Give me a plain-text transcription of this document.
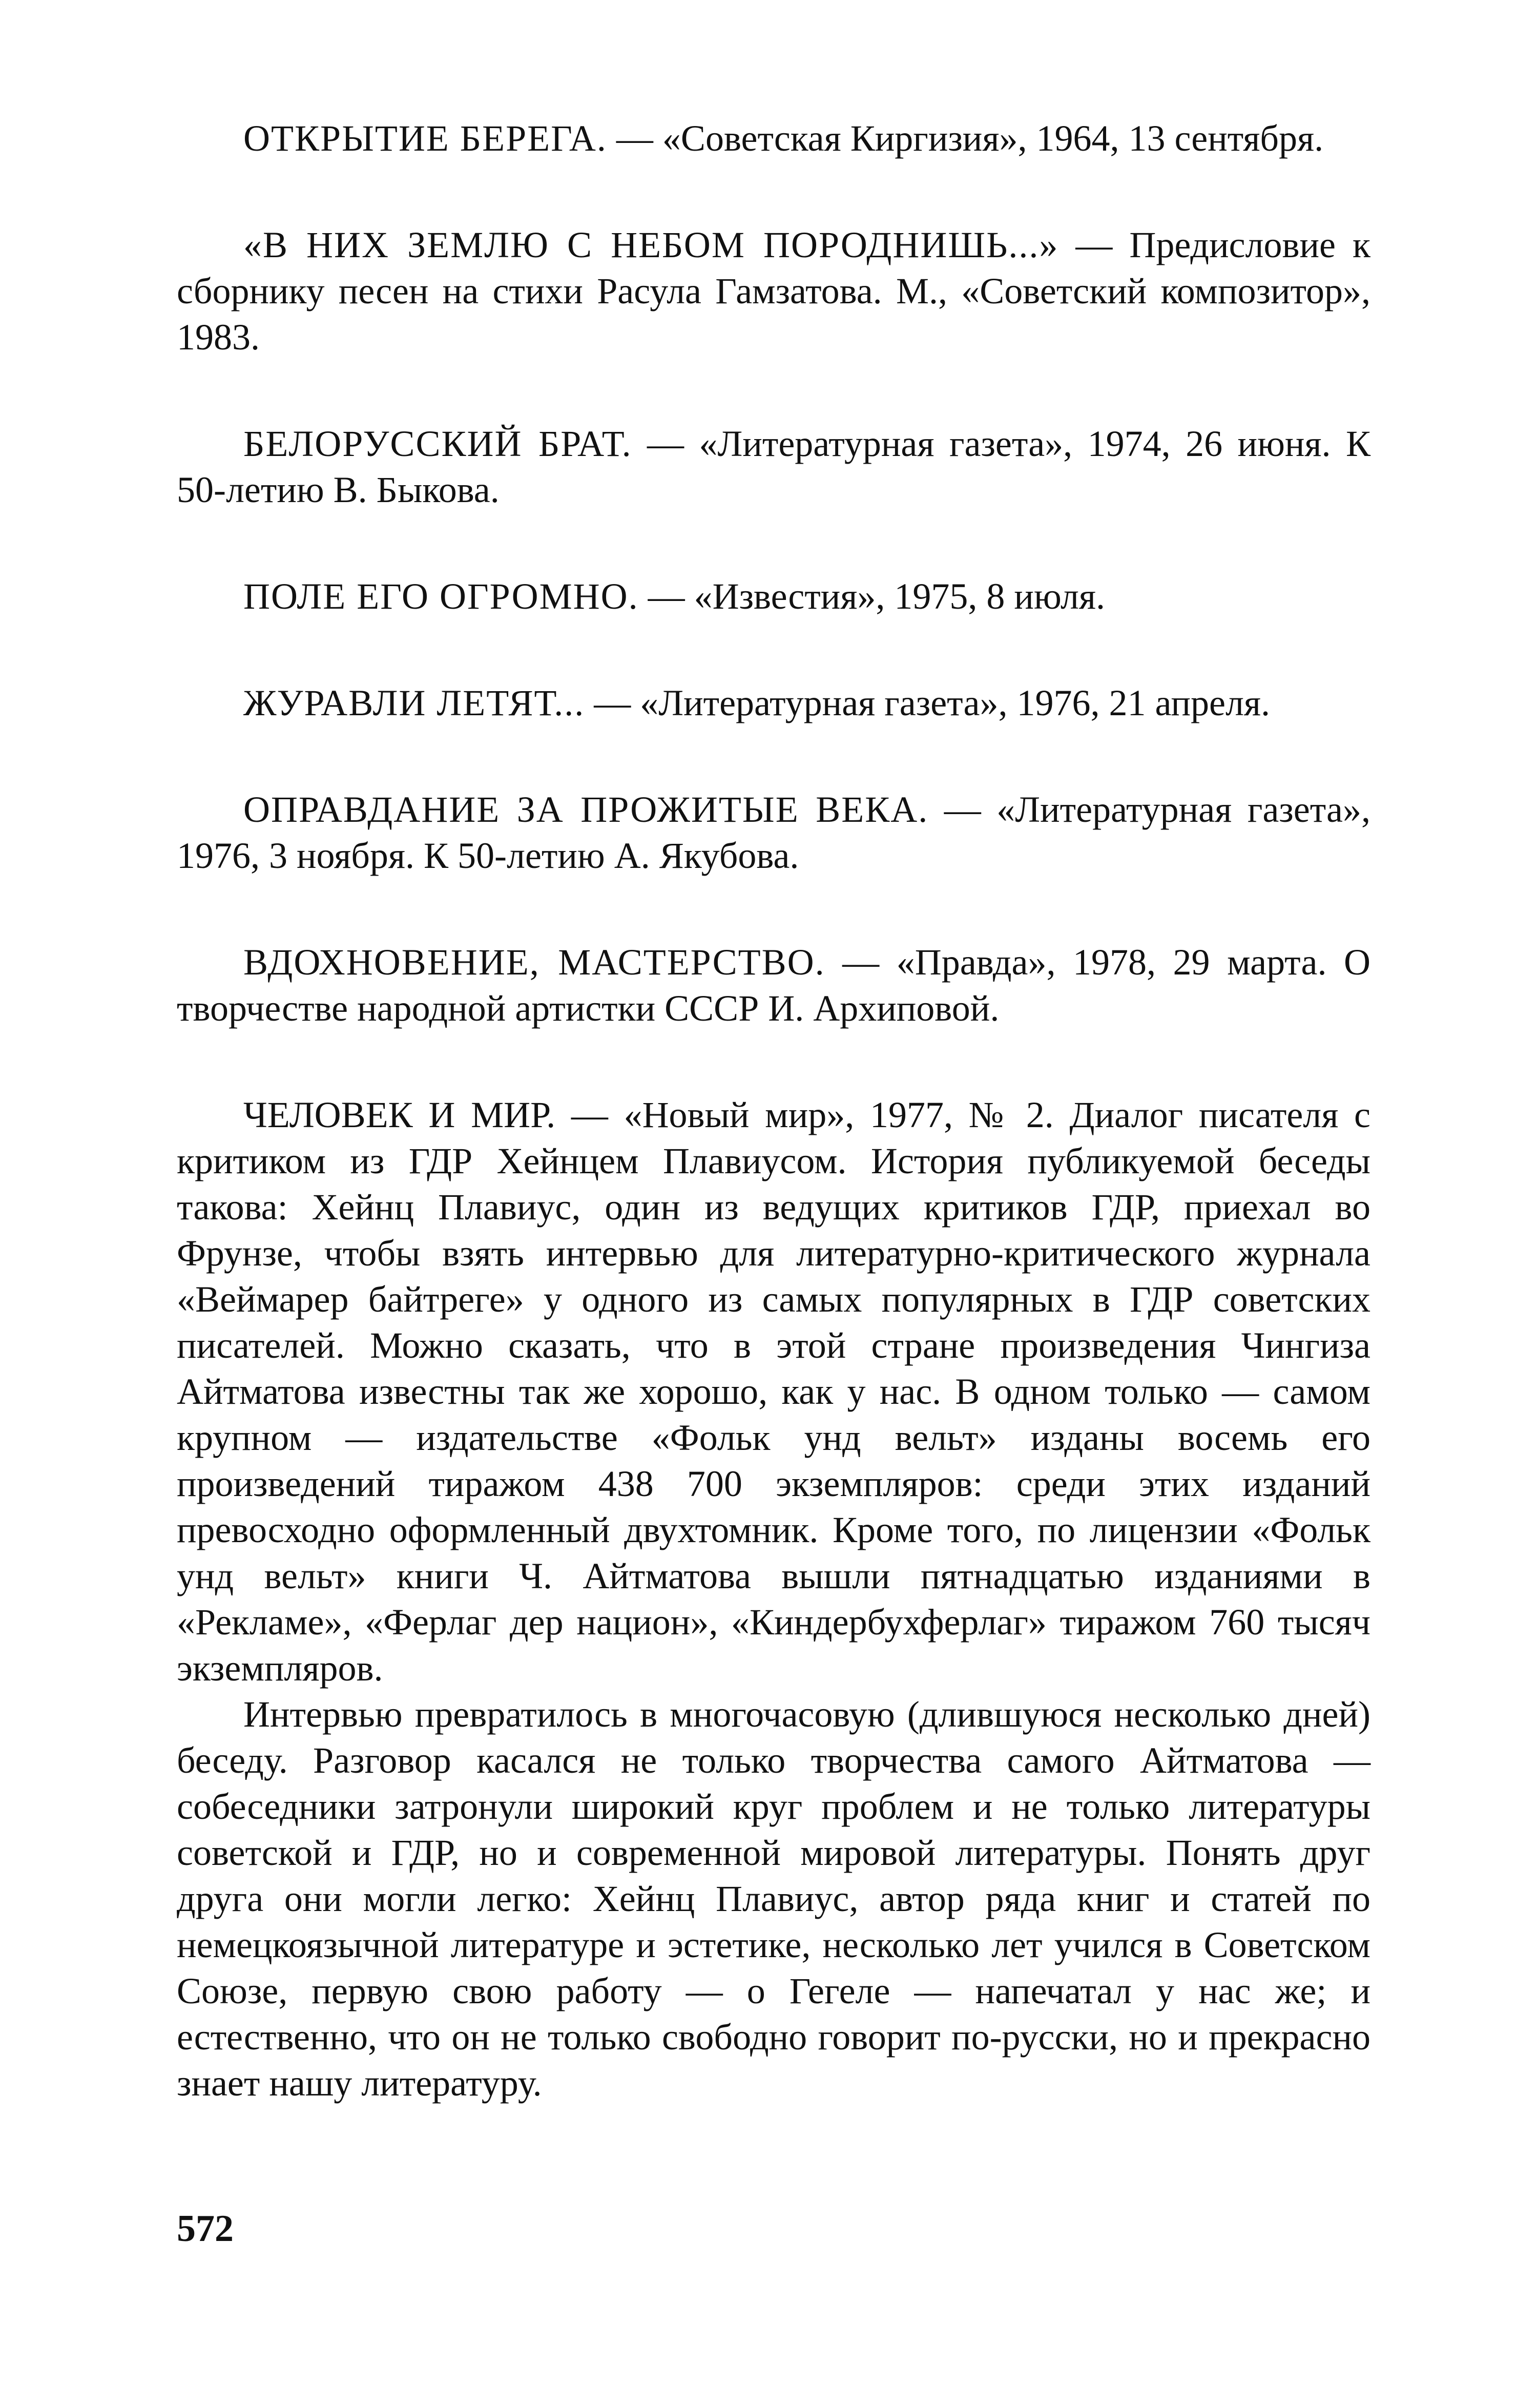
ОТКРЫТИЕ БЕРЕГА. — «Советская Киргизия», 1964, 13 сентября.

«В НИХ ЗЕМЛЮ С НЕБОМ ПОРОДНИШЬ...» — Предисловие к сборнику песен на стихи Расула Гамзатова. М., «Советский композитор», 1983.

БЕЛОРУССКИЙ БРАТ. — «Литературная газета», 1974, 26 июня. К 50-летию В. Быкова.

ПОЛЕ ЕГО ОГРОМНО. — «Известия», 1975, 8 июля.

ЖУРАВЛИ ЛЕТЯТ... — «Литературная газета», 1976, 21 апреля.

ОПРАВДАНИЕ ЗА ПРОЖИТЫЕ ВЕКА. — «Литературная газета», 1976, 3 ноября. К 50-летию А. Якубова.

ВДОХНОВЕНИЕ, МАСТЕРСТВО. — «Правда», 1978, 29 марта. О творчестве народной артистки СССР И. Архиповой.

ЧЕЛОВЕК И МИР. — «Новый мир», 1977, № 2. Диалог писателя с критиком из ГДР Хейнцем Плавиусом. История публикуемой беседы такова: Хейнц Плавиус, один из ведущих критиков ГДР, приехал во Фрунзе, чтобы взять интервью для литературно-критического журнала «Веймарер байтреге» у одного из самых популярных в ГДР советских писателей. Можно сказать, что в этой стране произведения Чингиза Айтматова известны так же хорошо, как у нас. В одном только — самом крупном — издательстве «Фольк унд вельт» изданы восемь его произведений тиражом 438 700 экземпляров: среди этих изданий превосходно оформленный двухтомник. Кроме того, по лицензии «Фольк унд вельт» книги Ч. Айтматова вышли пятнадцатью изданиями в «Рекламе», «Ферлаг дер национ», «Киндербухферлаг» тиражом 760 тысяч экземпляров.

Интервью превратилось в многочасовую (длившуюся несколько дней) беседу. Разговор касался не только творчества самого Айтматова — собеседники затронули широкий круг проблем и не только литературы советской и ГДР, но и современной мировой литературы. Понять друг друга они могли легко: Хейнц Плавиус, автор ряда книг и статей по немецкоязычной литературе и эстетике, несколько лет учился в Советском Союзе, первую свою работу — о Гегеле — напечатал у нас же; и естественно, что он не только свободно говорит по-русски, но и прекрасно знает нашу литературу.

572
